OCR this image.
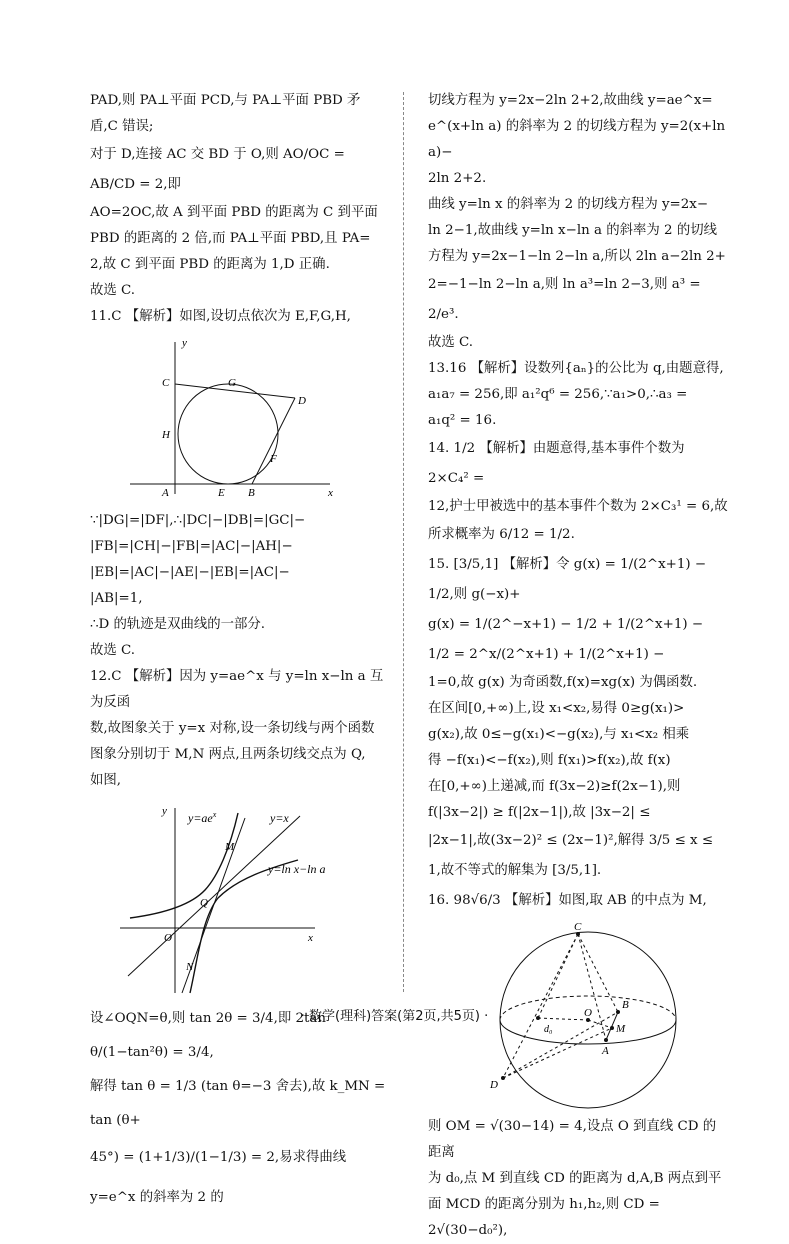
PAD,则 PA⊥平面 PCD,与 PA⊥平面 PBD 矛

盾,C 错误;

对于 D,连接 AC 交 BD 于 O,则 AO/OC = AB/CD = 2,即

AO=2OC,故 A 到平面 PBD 的距离为 C 到平面

PBD 的距离的 2 倍,而 PA⊥平面 PBD,且 PA=

2,故 C 到平面 PBD 的距离为 1,D 正确.

故选 C.

11.C 【解析】如图,设切点依次为 E,F,G,H,

y
x
A	B
C
D
E
F
G
H

∵|DG|=|DF|,∴|DC|−|DB|=|GC|−

|FB|=|CH|−|FB|=|AC|−|AH|−

|EB|=|AC|−|AE|−|EB|=|AC|−

|AB|=1,

∴D 的轨迹是双曲线的一部分.

故选 C.

12.C 【解析】因为 y=ae^x 与 y=ln x−ln a 互为反函

数,故图象关于 y=x 对称,设一条切线与两个函数

图象分别切于 M,N 两点,且两条切线交点为 Q,

如图,

y
x
O
M
N
Q
$y=ae^x$	y=x
y=ln x−ln a

设∠OQN=θ,则 tan 2θ = 3/4,即 2tan θ/(1−tan²θ) = 3/4,

解得 tan θ = 1/3 (tan θ=−3 舍去),故 k_MN = tan (θ+

45°) = (1+1/3)/(1−1/3) = 2,易求得曲线 y=e^x 的斜率为 2 的

切线方程为 y=2x−2ln 2+2,故曲线 y=ae^x=

e^(x+ln a) 的斜率为 2 的切线方程为 y=2(x+ln a)−

2ln 2+2.

曲线 y=ln x 的斜率为 2 的切线方程为 y=2x−

ln 2−1,故曲线 y=ln x−ln a 的斜率为 2 的切线

方程为 y=2x−1−ln 2−ln a,所以 2ln a−2ln 2+

2=−1−ln 2−ln a,则 ln a³=ln 2−3,则 a³ = 2/e³.

故选 C.

13.16 【解析】设数列{aₙ}的公比为 q,由题意得,

a₁a₇ = 256,即 a₁²q⁶ = 256,∵a₁>0,∴a₃ =

a₁q² = 16.

14. 1/2 【解析】由题意得,基本事件个数为 2×C₄² =

12,护士甲被选中的基本事件个数为 2×C₃¹ = 6,故

所求概率为 6/12 = 1/2.

15. [3/5,1] 【解析】令 g(x) = 1/(2^x+1) − 1/2,则 g(−x)+

g(x) = 1/(2^−x+1) − 1/2 + 1/(2^x+1) − 1/2 = 2^x/(2^x+1) + 1/(2^x+1) −

1=0,故 g(x) 为奇函数,f(x)=xg(x) 为偶函数.

在区间[0,+∞)上,设 x₁<x₂,易得 0≥g(x₁)>

g(x₂),故 0≤−g(x₁)<−g(x₂),与 x₁<x₂ 相乘

得 −f(x₁)<−f(x₂),则 f(x₁)>f(x₂),故 f(x)

在[0,+∞)上递减,而 f(3x−2)≥f(2x−1),则

f(|3x−2|) ≥ f(|2x−1|),故 |3x−2| ≤

|2x−1|,故(3x−2)² ≤ (2x−1)²,解得 3/5 ≤ x ≤

1,故不等式的解集为 [3/5,1].

16. 98√6/3 【解析】如图,取 AB 的中点为 M,

C
B
O
M
A
D
d₀

则 OM = √(30−14) = 4,设点 O 到直线 CD 的距离

为 d₀,点 M 到直线 CD 的距离为 d,A,B 两点到平

面 MCD 的距离分别为 h₁,h₂,则 CD = 2√(30−d₀²),

· 数学(理科)答案(第2页,共5页) ·
